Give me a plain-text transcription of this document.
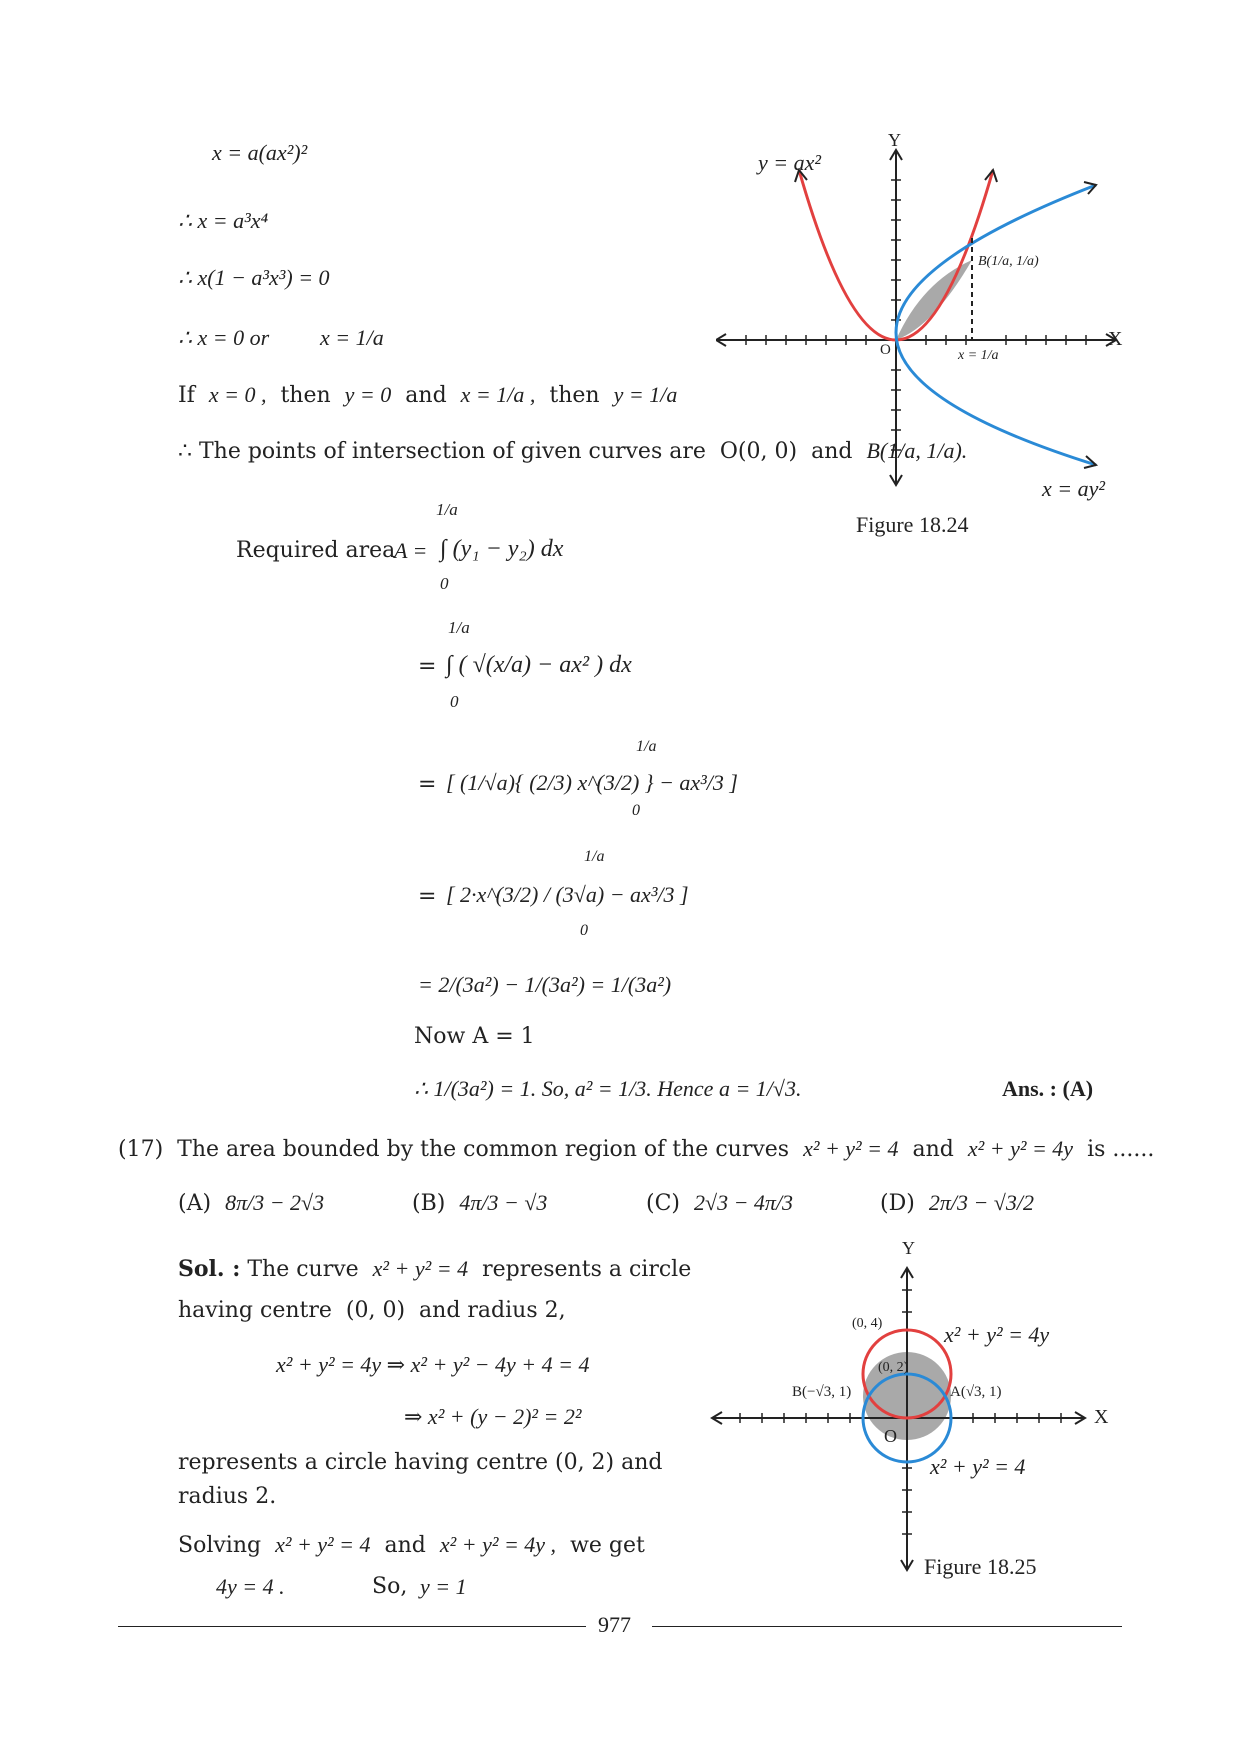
x = a(ax²)²
∴ x = a³x⁴
∴ x(1 − a³x³) = 0
∴ x = 0 or x = 1/a
If x = 0 , then y = 0 and x = 1/a , then y = 1/a
∴ The points of intersection of given curves are O(0, 0) and B(1/a, 1/a).
Required area
A =
1/a
0
∫ (y₁ − y₂) dx
=
1/a
0
∫ ( √(x/a) − ax² ) dx
= [ (1/√a){ (2/3) x^(3/2) } − ax³/3 ]
1/a
0
= [ 2·x^(3/2) / (3√a) − ax³/3 ]
1/a
0
= 2/(3a²) − 1/(3a²) = 1/(3a²)
Now A = 1
∴ 1/(3a²) = 1. So, a² = 1/3. Hence a = 1/√3.	Ans. : (A)
y = ax²
Y
X
O
B(1/a, 1/a)
x = 1/a
x = ay²
Figure 18.24
(17) The area bounded by the common region of the curves x² + y² = 4 and x² + y² = 4y is ......
(A) 8π/3 − 2√3	(B) 4π/3 − √3	(C) 2√3 − 4π/3	(D) 2π/3 − √3/2
Sol. : The curve x² + y² = 4 represents a circle
having centre (0, 0) and radius 2,
x² + y² = 4y ⇒ x² + y² − 4y + 4 = 4
⇒ x² + (y − 2)² = 2²
represents a circle having centre (0, 2) and
radius 2.
Solving x² + y² = 4 and x² + y² = 4y , we get
4y = 4 .	So, y = 1
Y
X
O
(0, 4)
(0, 2)
A(√3, 1)
B(−√3, 1)
x² + y² = 4y
x² + y² = 4
Figure 18.25
977
